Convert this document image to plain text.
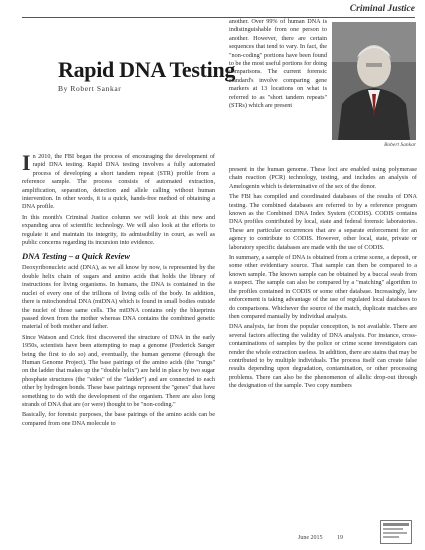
Criminal Justice
Rapid DNA Testing
By Robert Sankar

another. Over 99% of human DNA is indistinguishable from one person to another. However, there are certain sequences that tend to vary. In fact, the "non-coding" portions have been found to be the most useful portions for doing comparisons. The current forensic standard's involve comparing gene markers at 13 locations on what is referred to as "short tandem repeats" (STRs) which are present

Robert Sankar

In 2010, the FBI began the process of encouraging the development of rapid DNA testing. Rapid DNA testing involves a fully automated process of developing a short tandem repeat (STR) profile from a reference sample. The process consists of automated extraction, amplification, separation, detection and allele calling without human intervention. In other words, it is a quick, hands-free method of obtaining a DNA profile.

In this month's Criminal Justice column we will look at this new and expanding area of scientific technology. We will also look at the efforts to regulate it and maintain its integrity, its admissibility in court, as well as public concerns regarding its incursion into evidence.

DNA Testing – a Quick Review

Deoxyribonucleic acid (DNA), as we all know by now, is represented by the double helix chain of sugars and amino acids that holds the library of instructions for living organisms. In humans, the DNA is contained in the nuclei of every one of the trillions of living cells of the body. In addition, there is mitochondrial DNA (mtDNA) which is found in small bodies outside the nuclei of those same cells. The mtDNA contains only the blueprints passed down from the mother whereas DNA contains the combined genetic material of both mother and father.

Since Watson and Crick first discovered the structure of DNA in the early 1950s, scientists have been attempting to map a genome (Frederick Sanger being the first to do so) and, eventually, the human genome (through the Human Genome Project). The base pairings of the amino acids (the "rungs" on the ladder that makes up the "double helix") are held in place by two sugar phosphate structures (the "sides" of the "ladder") and are connected to each other by hydrogen bonds. These base pairings represent the "genes" that have something to do with the development of the organism. There are also long strands of DNA that are (or were) thought to be "non-coding."

Basically, for forensic purposes, the base pairings of the amino acids can be compared from one DNA molecule to

present in the human genome. These loci are enabled using polymerase chain reaction (PCR) technology, testing, and includes an analysis of Amelogenin which is determinative of the sex of the donor.

The FBI has compiled and coordinated databases of the results of DNA testing. The combined databases are referred to by a reference program known as the Combined DNA Index System (CODIS). CODIS contains DNA profiles contributed by local, state and federal forensic laboratories. These are particular occurrences that are a separate enforcement for an agency to contribute to CODIS. However, other local, state, private or laboratory specific databases are made with the use of CODIS.

In summary, a sample of DNA is obtained from a crime scene, a deposit, or some other evidentiary source. That sample can then be compared to a known sample. The known sample can be obtained by a buccal swab from a suspect. The sample can also be compared by a "matching" algorithm to the profiles contained in CODIS or some other database. Increasingly, law enforcement is taking advantage of the use of regulated local databases to do comparisons. Whichever the source of the match, duplicate matches are then compared manually by individual analysts.

DNA analysis, far from the popular conception, is not available. There are several factors affecting the validity of DNA analysis. For instance, cross-contaminations of samples by the police or crime scene investigators can render the whole extraction useless. In addition, there are stains that may be contributed to by multiple individuals. The process itself can create false results depending upon degradation, contamination, or other processing problems. There can also be the phenomenon of allelic drop-out through the designation of the sample. Two copy numbers

June 2015 19
